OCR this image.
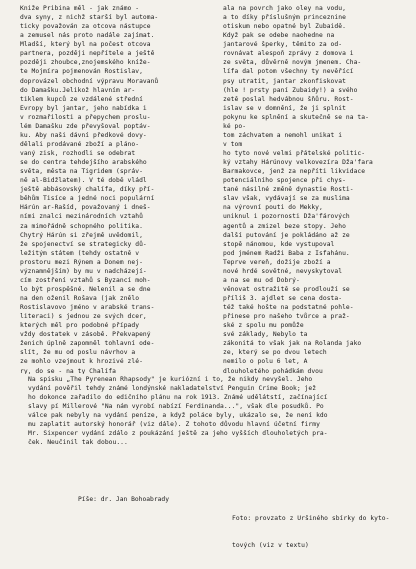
Kniže Pribina měl - jak známo -
dva syny, z nichž starší byl automa-
ticky považován za otcova nástupce
a zemusel nás proto nadále zajímat.
Mladší, který byl na počest otcova
partnera, později nepřítele a ještě
později zhoubce,znojemského kníže-
te Mojmíra pojmenován Rostislav,
doprovázel obchodní výpravu Moravanů
do Damašku.Jelikož hlavním ar-
tiklem kupců ze vzdálené střední
Evropy byl jantar, jeho nabídka i
v rozmařilosti a přepychem proslu-
lém Damašku zde převyšoval poptáv-
ku. Aby naši dávní předkové dovy-
dělali prodávané zboží a pláno-
vaný zisk, rozhodli se odebrat
se do centra tehdejšího arabského
světa, města na Tigridem (správ-
ně al-Bidžlatem). V té době vládl
ještě abbásovský chalífa, díky pří-
běhům Tisíce a jedné noci populární
Hárún ar-Rašíd, považovaný i dneš-
ními znalci mezinárodních vztahů
za mimořádně schopného politika.
Chytrý Hárún si zřejmě uvědomil,
že spojenectví se strategicky dů-
ležitým státem (tehdy ostatně v
prostoru mezi Rýnem a Donem nej-
významnějším) by mu v nadcházejí-
cím zostření vztahů s Byzancí moh-
lo být prospěšné. Nelenil a se dne
na den oženil Rošava (jak znělo
Rostislavovo jméno v arabské trans-
literaci) s jednou ze svých dcer,
kterých měl pro podobné případy
vždy dostatek v zásobě. Překvapený
ženich úplně zapomněl tohlavní ode-
slít, že mu od poslu návrhov a
ze mohlo vzejmout k hrozivé zlé-
ry, do se - na ty Chalífa
ala na povrch jako oley na vodu,
a to díky příslušným princeznine
otiskum nebo opatné byl Zubaidě.
Když pak se odebe naohedne na
jantarové šperky, těmito za od-
rovnávat alespoň zprávy z domova i
ze světa, důvěrně novým jmenem. Cha-
lífa dal potom všechny ty nevěřící
psy utratit, jantar zkonfiskovat
(hle ! prsty paní Zubaidy!) a svého
zetě poslal hedvábnou šňůru. Rost-
islav se v domnění, že ji splnit
pokynu ke splnění a skutečně se na ta-
ké po-
tom záchvatem a nemohl unikat i
v tom
ho tyto nové velmi přátelské politic-
ký vztahy Hárúnovy velkovezíra Dža'fara
Barmakovce, jenž za nepříti likvidace
potenciálního spojence při chys-
tané násilné změně dynastie Rosti-
slav však, vydávají se za muslima
na výrovní pouti do Mekky,
uniknul i pozornosti Dža'fárových
agentů a zmizel beze stopy. Jeho
další putování je pokládáno až ze
stopě nánomou, kde vystupoval
pod jménem Radži Baba z Isfahánu.
Teprve vereň, dožije zboží a
nové hrdé sovětné, nevyskytoval
a na se mu od Dobrý-
věnovat ostražitě se prodlouží se
příliš 3. ajdlet se cena dosta-
též také hošte na podstatné pohle-
přinese pro našeho tvůrce a praž-
ské z spolu mu pomůže
své základy, Nebylo ta
zákonitá to však jak na Rolanda jako
ze, který se po dvou letech
nemilo o polu 6 let, A
dlouholetého pohádkám dvou
Na spisku „The Pyrenean Rhapsody" je kuriózní i to, že nikdy nevyšel. Jeho
vydání pověřil tehdy známé londýnské nakladatelství Penguin Crime Book; jež
ho dokonce zařadilo do edičního plánu na rok 1913. Známé udělátstí, začínající
slavy pí Millerové "Na nám vyrobí nabízí Ferdinanda...", však dle posudků. Po
válce pak nebyly na vydání peníze, a když poláce byly, ukázalo se, že není kdo
mu zaplatit autorský honorář (viz dále). Z tohoto důvodu hlavní účetní firmy
Mr. Sixpencer vydání zdálo z poukázání ještě za jeho vyšších dlouholetých pra-
ček. Neučinil tak dobou...
Píše: dr. Jan Bohoabrady

Foto: provzato z Uršiného sbírky do kyto-

tových (viz v textu)
